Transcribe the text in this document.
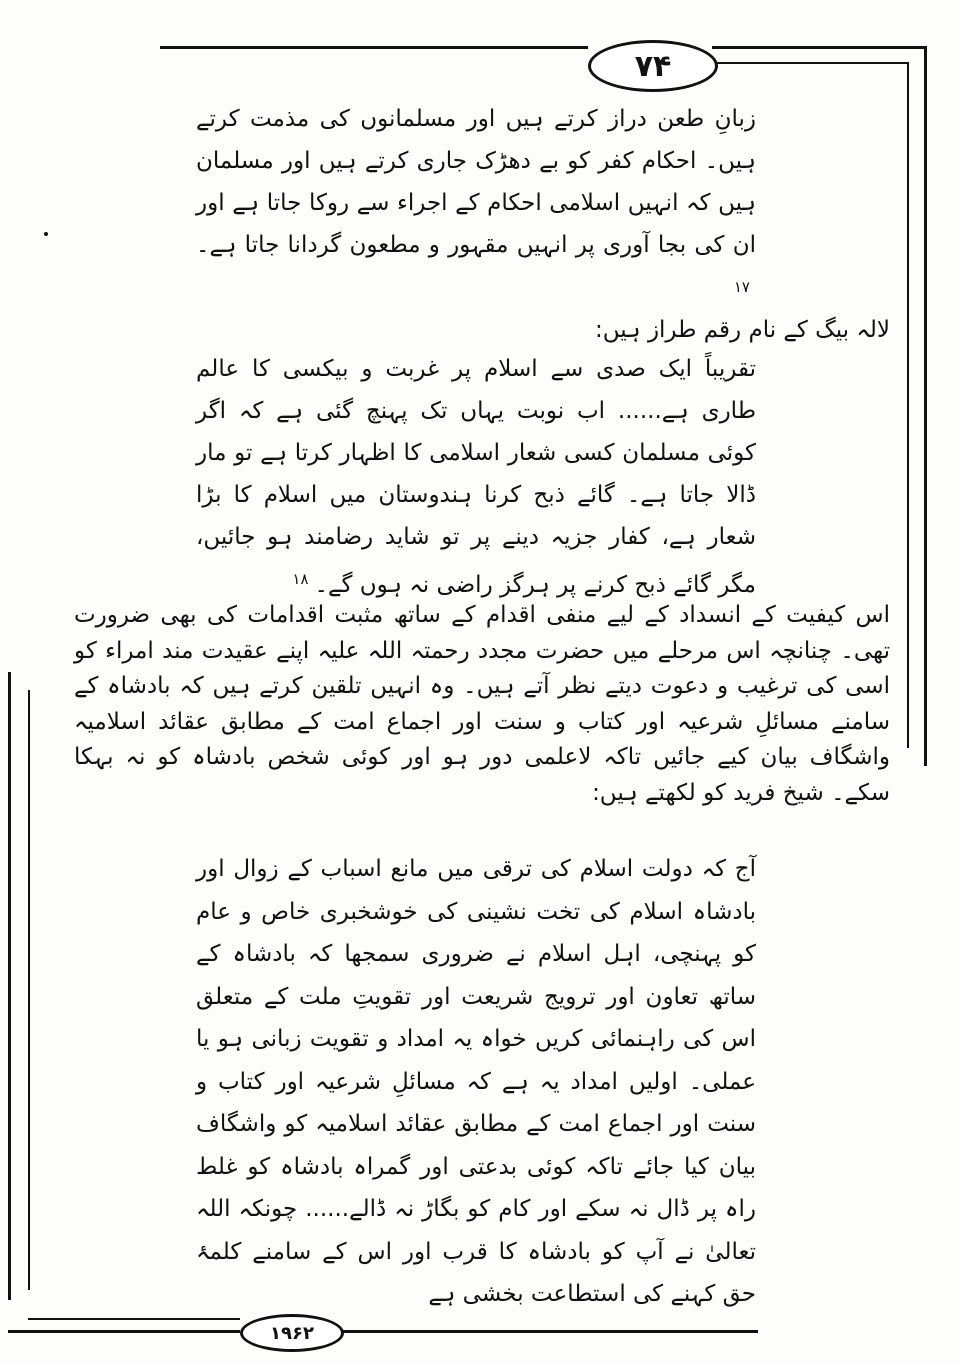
۷۴
۱۹۶۲

زبانِ طعن دراز کرتے ہیں اور مسلمانوں کی مذمت کرتے ہیں۔ احکام کفر کو بے دھڑک جاری کرتے ہیں اور مسلمان ہیں کہ انہیں اسلامی احکام کے اجراء سے روکا جاتا ہے اور ان کی بجا آوری پر انہیں مقہور و مطعون گردانا جاتا ہے۔$^{۱۷}$

لالہ بیگ کے نام رقم طراز ہیں:

تقریباً ایک صدی سے اسلام پر غربت و بیکسی کا عالم طاری ہے...... اب نوبت یہاں تک پہنچ گئی ہے کہ اگر کوئی مسلمان کسی شعار اسلامی کا اظہار کرتا ہے تو مار ڈالا جاتا ہے۔ گائے ذبح کرنا ہندوستان میں اسلام کا بڑا شعار ہے، کفار جزیہ دینے پر تو شاید رضامند ہو جائیں، مگر گائے ذبح کرنے پر ہرگز راضی نہ ہوں گے۔$^{۱۸}$

اس کیفیت کے انسداد کے لیے منفی اقدام کے ساتھ مثبت اقدامات کی بھی ضرورت تھی۔ چنانچہ اس مرحلے میں حضرت مجدد رحمتہ اللہ علیہ اپنے عقیدت مند امراء کو اسی کی ترغیب و دعوت دیتے نظر آتے ہیں۔ وہ انہیں تلقین کرتے ہیں کہ بادشاہ کے سامنے مسائلِ شرعیہ اور کتاب و سنت اور اجماع امت کے مطابق عقائد اسلامیہ واشگاف بیان کیے جائیں تاکہ لاعلمی دور ہو اور کوئی شخص بادشاہ کو نہ بہکا سکے۔ شیخ فرید کو لکھتے ہیں:

آج کہ دولت اسلام کی ترقی میں مانع اسباب کے زوال اور بادشاہ اسلام کی تخت نشینی کی خوشخبری خاص و عام کو پہنچی، اہل اسلام نے ضروری سمجھا کہ بادشاہ کے ساتھ تعاون اور ترویج شریعت اور تقویتِ ملت کے متعلق اس کی راہنمائی کریں خواہ یہ امداد و تقویت زبانی ہو یا عملی۔ اولیں امداد یہ ہے کہ مسائلِ شرعیہ اور کتاب و سنت اور اجماع امت کے مطابق عقائد اسلامیہ کو واشگاف بیان کیا جائے تاکہ کوئی بدعتی اور گمراہ بادشاہ کو غلط راہ پر ڈال نہ سکے اور کام کو بگاڑ نہ ڈالے...... چونکہ اللہ تعالیٰ نے آپ کو بادشاہ کا قرب اور اس کے سامنے کلمۂ حق کہنے کی استطاعت بخشی ہے
